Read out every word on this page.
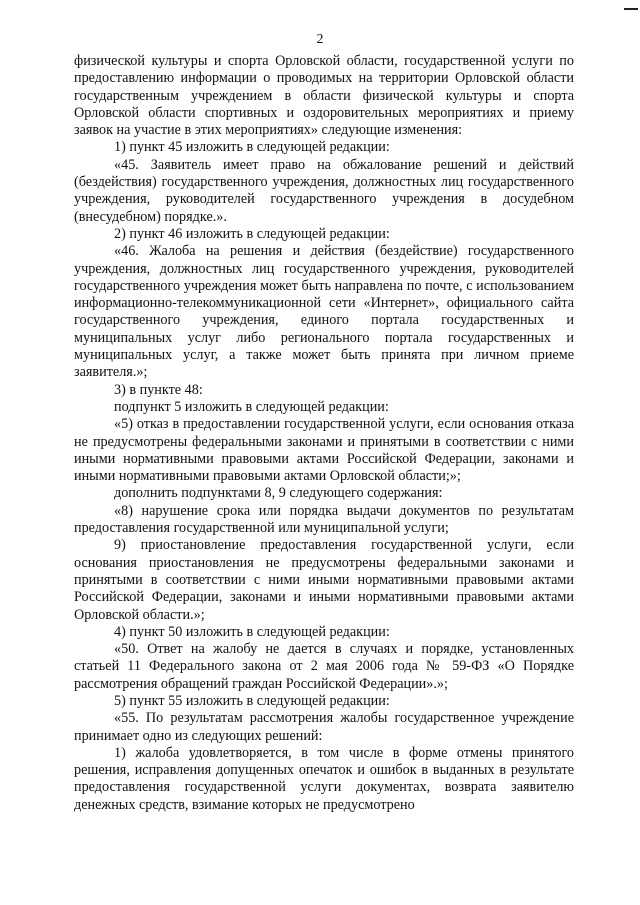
2

физической культуры и спорта Орловской области, государственной услуги по предоставлению информации о проводимых на территории Орловской области государственным учреждением в области физической культуры и спорта Орловской области спортивных и оздоровительных мероприятиях и приему заявок на участие в этих мероприятиях» следующие изменения:

1) пункт 45 изложить в следующей редакции:

«45. Заявитель имеет право на обжалование решений и действий (бездействия) государственного учреждения, должностных лиц государственного учреждения, руководителей государственного учреждения в досудебном (внесудебном) порядке.».

2) пункт 46 изложить в следующей редакции:

«46. Жалоба на решения и действия (бездействие) государственного учреждения, должностных лиц государственного учреждения, руководителей государственного учреждения может быть направлена по почте, с использованием информационно-телекоммуникационной сети «Интернет», официального сайта государственного учреждения, единого портала государственных и муниципальных услуг либо регионального портала государственных и муниципальных услуг, а также может быть принята при личном приеме заявителя.»;

3) в пункте 48:

подпункт 5 изложить в следующей редакции:

«5) отказ в предоставлении государственной услуги, если основания отказа не предусмотрены федеральными законами и принятыми в соответствии с ними иными нормативными правовыми актами Российской Федерации, законами и иными нормативными правовыми актами Орловской области;»;

дополнить подпунктами 8, 9 следующего содержания:

«8) нарушение срока или порядка выдачи документов по результатам предоставления государственной или муниципальной услуги;

9) приостановление предоставления государственной услуги, если основания приостановления не предусмотрены федеральными законами и принятыми в соответствии с ними иными нормативными правовыми актами Российской Федерации, законами и иными нормативными правовыми актами Орловской области.»;

4) пункт 50 изложить в следующей редакции:

«50. Ответ на жалобу не дается в случаях и порядке, установленных статьей 11 Федерального закона от 2 мая 2006 года № 59-ФЗ «О Порядке рассмотрения обращений граждан Российской Федерации».»;

5) пункт 55 изложить в следующей редакции:

«55. По результатам рассмотрения жалобы государственное учреждение принимает одно из следующих решений:

1) жалоба удовлетворяется, в том числе в форме отмены принятого решения, исправления допущенных опечаток и ошибок в выданных в результате предоставления государственной услуги документах, возврата заявителю денежных средств, взимание которых не предусмотрено
